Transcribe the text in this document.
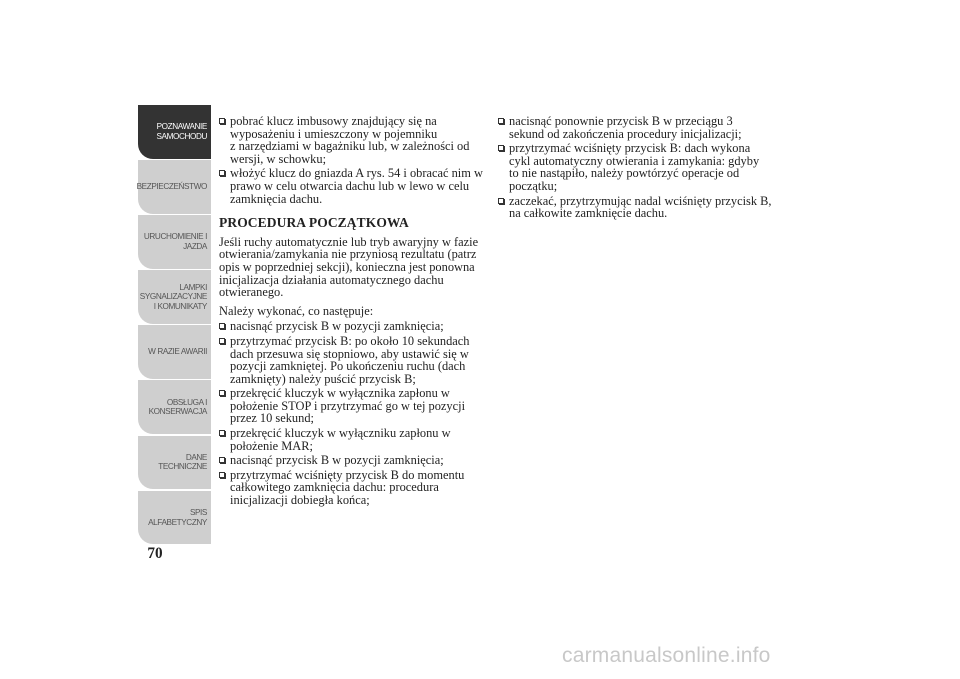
POZNAWANIE
SAMOCHODU
BEZPIECZEŃSTWO
URUCHOMIENIE I
JAZDA
LAMPKI
SYGNALIZACYJNE
I KOMUNIKATY
W RAZIE AWARII
OBSŁUGA I
KONSERWACJA
DANE
TECHNICZNE
SPIS
ALFABETYCZNY
70
pobrać klucz imbusowy znajdujący się na
wyposażeniu i umieszczony w pojemniku
z narzędziami w bagażniku lub, w zależności od
wersji, w schowku;
włożyć klucz do gniazda A rys. 54 i obracać nim w
prawo w celu otwarcia dachu lub w lewo w celu
zamknięcia dachu.
PROCEDURA POCZĄTKOWA
Jeśli ruchy automatycznie lub tryb awaryjny w fazie
otwierania/zamykania nie przyniosą rezultatu (patrz
opis w poprzedniej sekcji), konieczna jest ponowna
inicjalizacja działania automatycznego dachu
otwieranego.
Należy wykonać, co następuje:
nacisnąć przycisk B w pozycji zamknięcia;
przytrzymać przycisk B: po około 10 sekundach
dach przesuwa się stopniowo, aby ustawić się w
pozycji zamkniętej. Po ukończeniu ruchu (dach
zamknięty) należy puścić przycisk B;
przekręcić kluczyk w wyłącznika zapłonu w
położenie STOP i przytrzymać go w tej pozycji
przez 10 sekund;
przekręcić kluczyk w wyłączniku zapłonu w
położenie MAR;
nacisnąć przycisk B w pozycji zamknięcia;
przytrzymać wciśnięty przycisk B do momentu
całkowitego zamknięcia dachu: procedura
inicjalizacji dobiegła końca;
nacisnąć ponownie przycisk B w przeciągu 3
sekund od zakończenia procedury inicjalizacji;
przytrzymać wciśnięty przycisk B: dach wykona
cykl automatyczny otwierania i zamykania: gdyby
to nie nastąpiło, należy powtórzyć operacje od
początku;
zaczekać, przytrzymując nadal wciśnięty przycisk B,
na całkowite zamknięcie dachu.
carmanualsonline.info
